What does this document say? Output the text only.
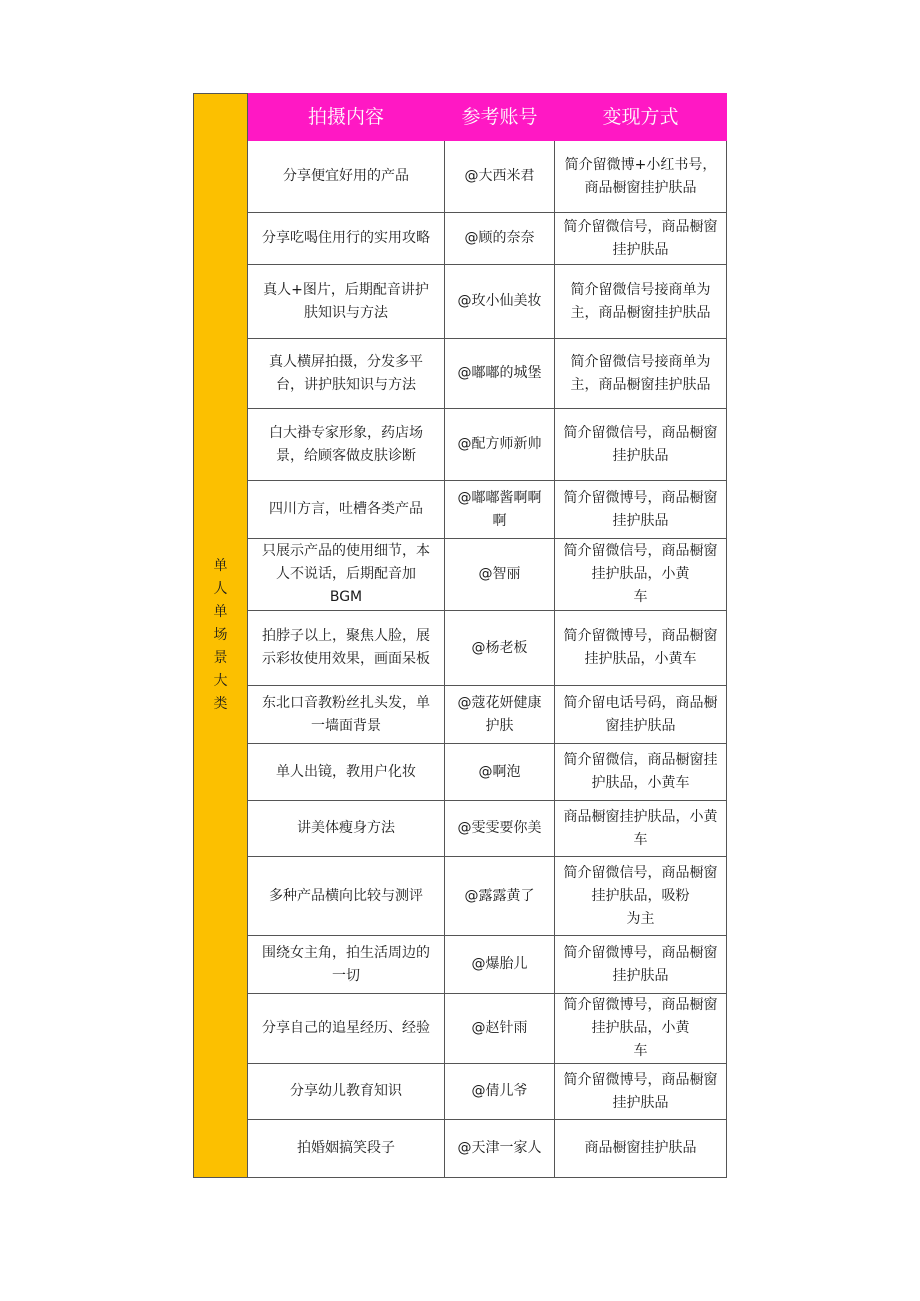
单人单场景大类	拍摄内容	参考账号	变现方式
	分享便宜好用的产品	@大西米君	简介留微博+小红书号，
商品橱窗挂护肤品
	分享吃喝住用行的实用攻略	@顾的奈奈	简介留微信号，商品橱窗
挂护肤品
	真人+图片，后期配音讲护
肤知识与方法	@玫小仙美妆	简介留微信号接商单为
主，商品橱窗挂护肤品
	真人横屏拍摄，分发多平
台，讲护肤知识与方法	@嘟嘟的城堡	简介留微信号接商单为
主，商品橱窗挂护肤品
	白大褂专家形象，药店场
景，给顾客做皮肤诊断	@配方师新帅	简介留微信号，商品橱窗
挂护肤品
	四川方言，吐槽各类产品	@嘟嘟酱啊啊
啊	简介留微博号，商品橱窗
挂护肤品
	只展示产品的使用细节，本
人不说话，后期配音加
BGM	@智丽	简介留微信号，商品橱窗
挂护肤品，小黄
车
	拍脖子以上，聚焦人脸，展
示彩妆使用效果，画面呆板	@杨老板	简介留微博号，商品橱窗
挂护肤品，小黄车
	东北口音教粉丝扎头发，单
一墙面背景	@蔻花妍健康
护肤	简介留电话号码，商品橱
窗挂护肤品
	单人出镜，教用户化妆	@啊泡	简介留微信，商品橱窗挂
护肤品，小黄车
	讲美体瘦身方法	@雯雯要你美	商品橱窗挂护肤品，小黄
车
	多种产品横向比较与测评	@露露黄了	简介留微信号，商品橱窗
挂护肤品，吸粉
为主
	围绕女主角，拍生活周边的
一切	@爆胎儿	简介留微博号，商品橱窗
挂护肤品
	分享自己的追星经历、经验	@赵针雨	简介留微博号，商品橱窗
挂护肤品，小黄
车
	分享幼儿教育知识	@倩儿爷	简介留微博号，商品橱窗
挂护肤品
	拍婚姻搞笑段子	@天津一家人	商品橱窗挂护肤品
